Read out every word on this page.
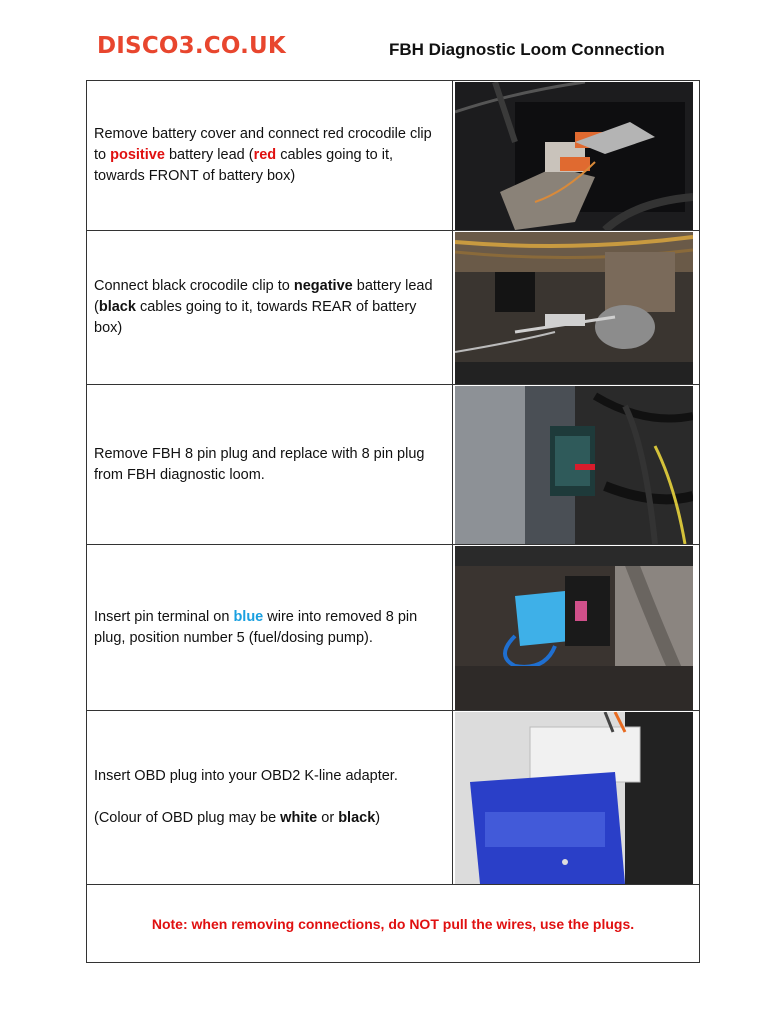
DISCO3.CO.UK	FBH Diagnostic Loom Connection
Remove battery cover and connect red crocodile clip to positive battery lead (red cables going to it, towards FRONT of battery box)	

Connect black crocodile clip to negative battery lead (black cables going to it, towards REAR of battery box)	

Remove FBH 8 pin plug and replace with 8 pin plug from FBH diagnostic loom.	

Insert pin terminal on blue wire into removed 8 pin plug, position number 5 (fuel/dosing pump).	

Insert OBD plug into your OBD2 K-line adapter.
(Colour of OBD plug may be white or black)

Note: when removing connections, do NOT pull the wires, use the plugs.	
